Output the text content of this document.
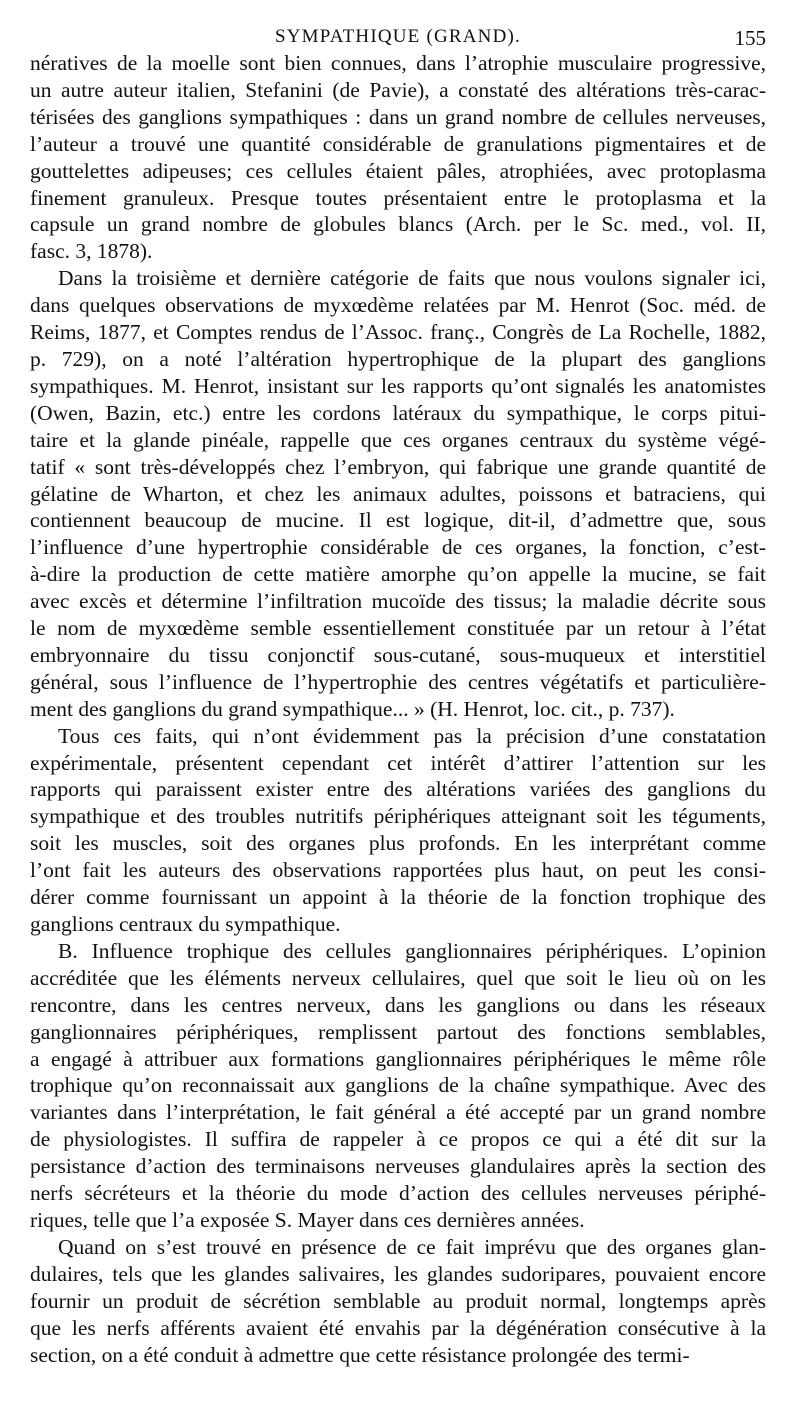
SYMPATHIQUE (GRAND).	155
nératives de la moelle sont bien connues, dans l’atrophie musculaire progressive,
un autre auteur italien, Stefanini (de Pavie), a constaté des altérations très-carac-
térisées des ganglions sympathiques : dans un grand nombre de cellules nerveuses,
l’auteur a trouvé une quantité considérable de granulations pigmentaires et de
gouttelettes adipeuses; ces cellules étaient pâles, atrophiées, avec protoplasma
finement granuleux. Presque toutes présentaient entre le protoplasma et la
capsule un grand nombre de globules blancs (Arch. per le Sc. med., vol. II,
fasc. 3, 1878).
Dans la troisième et dernière catégorie de faits que nous voulons signaler ici,
dans quelques observations de myxœdème relatées par M. Henrot (Soc. méd. de
Reims, 1877, et Comptes rendus de l’Assoc. franç., Congrès de La Rochelle, 1882,
p. 729), on a noté l’altération hypertrophique de la plupart des ganglions
sympathiques. M. Henrot, insistant sur les rapports qu’ont signalés les anatomistes
(Owen, Bazin, etc.) entre les cordons latéraux du sympathique, le corps pitui-
taire et la glande pinéale, rappelle que ces organes centraux du système végé-
tatif « sont très-développés chez l’embryon, qui fabrique une grande quantité de
gélatine de Wharton, et chez les animaux adultes, poissons et batraciens, qui
contiennent beaucoup de mucine. Il est logique, dit-il, d’admettre que, sous
l’influence d’une hypertrophie considérable de ces organes, la fonction, c’est-
à-dire la production de cette matière amorphe qu’on appelle la mucine, se fait
avec excès et détermine l’infiltration mucoïde des tissus; la maladie décrite sous
le nom de myxœdème semble essentiellement constituée par un retour à l’état
embryonnaire du tissu conjonctif sous-cutané, sous-muqueux et interstitiel
général, sous l’influence de l’hypertrophie des centres végétatifs et particulière-
ment des ganglions du grand sympathique... » (H. Henrot, loc. cit., p. 737).
Tous ces faits, qui n’ont évidemment pas la précision d’une constatation
expérimentale, présentent cependant cet intérêt d’attirer l’attention sur les
rapports qui paraissent exister entre des altérations variées des ganglions du
sympathique et des troubles nutritifs périphériques atteignant soit les téguments,
soit les muscles, soit des organes plus profonds. En les interprétant comme
l’ont fait les auteurs des observations rapportées plus haut, on peut les consi-
dérer comme fournissant un appoint à la théorie de la fonction trophique des
ganglions centraux du sympathique.
B. Influence trophique des cellules ganglionnaires périphériques. L’opinion
accréditée que les éléments nerveux cellulaires, quel que soit le lieu où on les
rencontre, dans les centres nerveux, dans les ganglions ou dans les réseaux
ganglionnaires périphériques, remplissent partout des fonctions semblables,
a engagé à attribuer aux formations ganglionnaires périphériques le même rôle
trophique qu’on reconnaissait aux ganglions de la chaîne sympathique. Avec des
variantes dans l’interprétation, le fait général a été accepté par un grand nombre
de physiologistes. Il suffira de rappeler à ce propos ce qui a été dit sur la
persistance d’action des terminaisons nerveuses glandulaires après la section des
nerfs sécréteurs et la théorie du mode d’action des cellules nerveuses périphé-
riques, telle que l’a exposée S. Mayer dans ces dernières années.
Quand on s’est trouvé en présence de ce fait imprévu que des organes glan-
dulaires, tels que les glandes salivaires, les glandes sudoripares, pouvaient encore
fournir un produit de sécrétion semblable au produit normal, longtemps après
que les nerfs afférents avaient été envahis par la dégénération consécutive à la
section, on a été conduit à admettre que cette résistance prolongée des termi-
